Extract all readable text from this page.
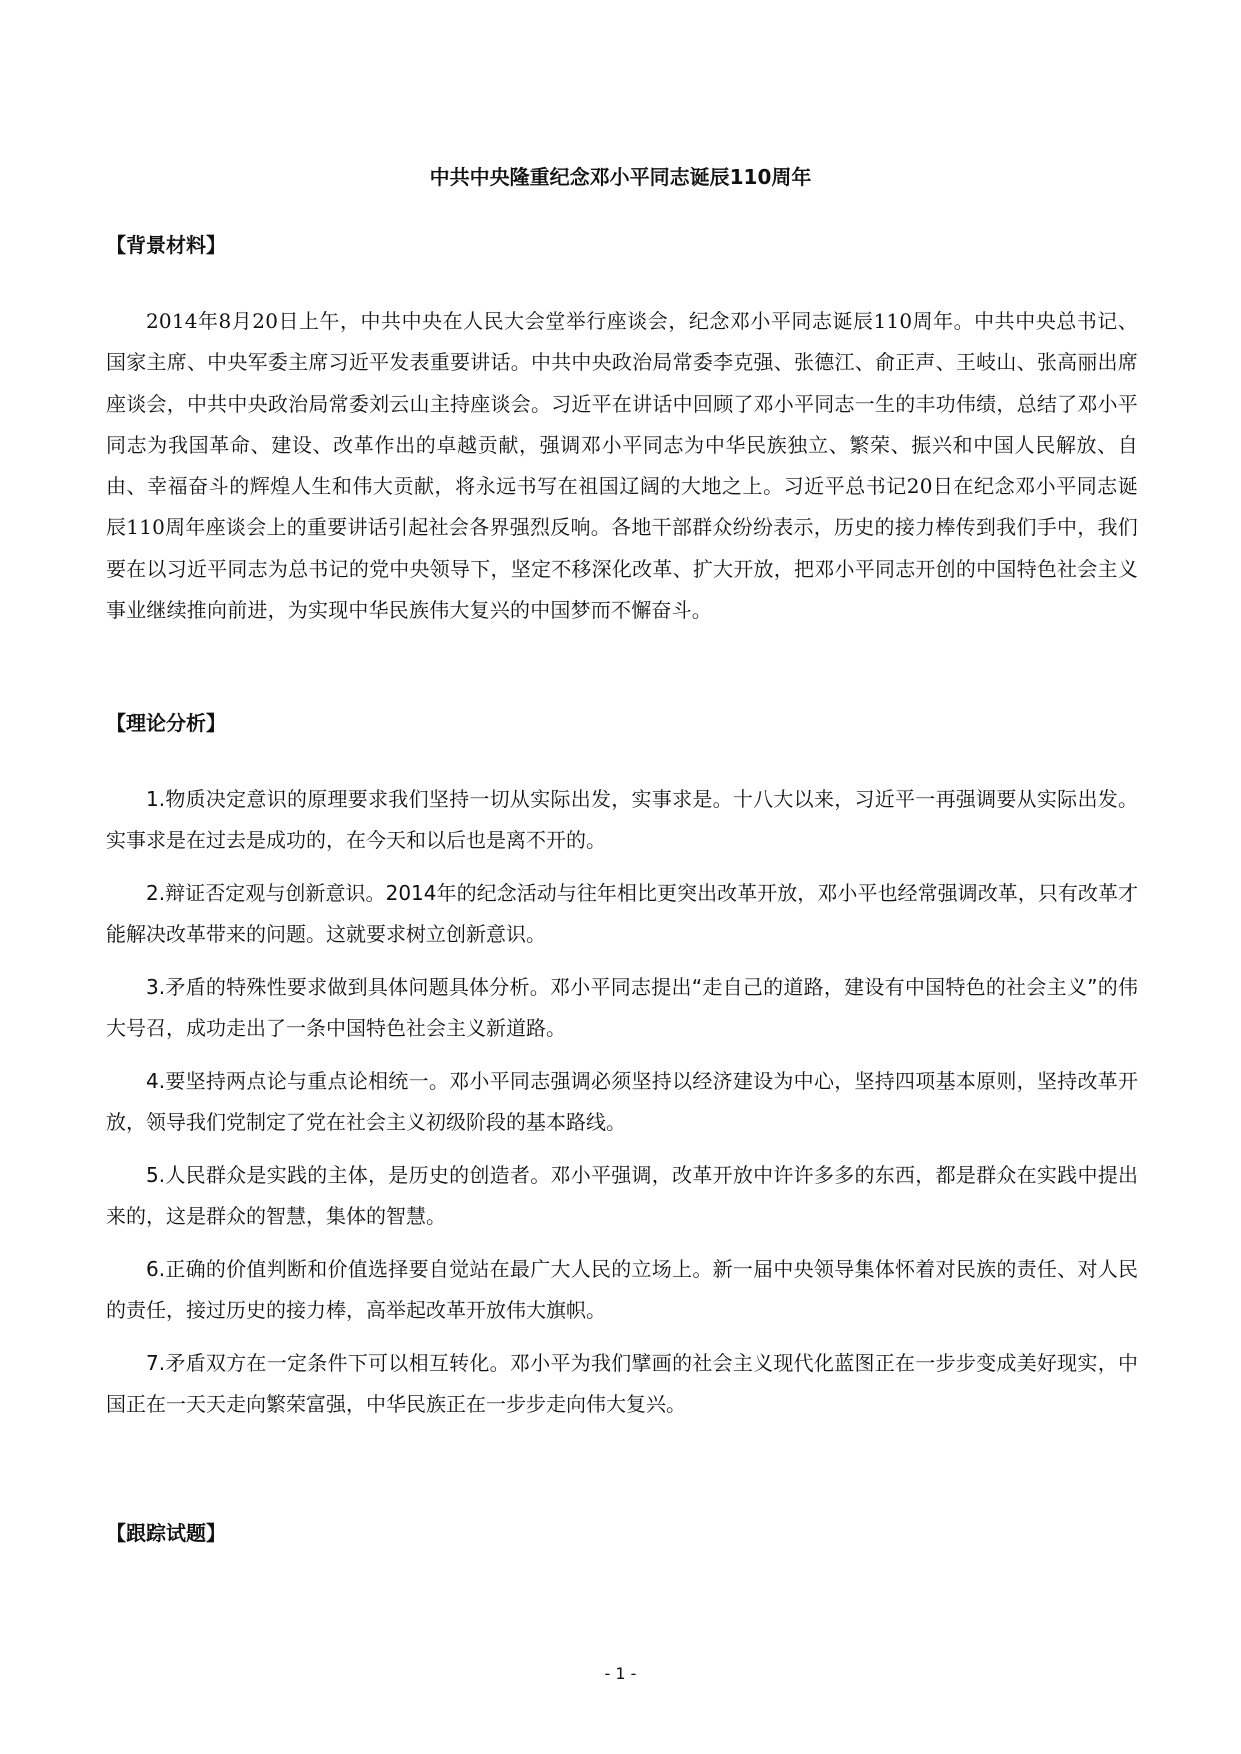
中共中央隆重纪念邓小平同志诞辰110周年
【背景材料】

2014年8月20日上午，中共中央在人民大会堂举行座谈会，纪念邓小平同志诞辰110周年。中共中央总书记、国家主席、中央军委主席习近平发表重要讲话。中共中央政治局常委李克强、张德江、俞正声、王岐山、张高丽出席座谈会，中共中央政治局常委刘云山主持座谈会。习近平在讲话中回顾了邓小平同志一生的丰功伟绩，总结了邓小平同志为我国革命、建设、改革作出的卓越贡献，强调邓小平同志为中华民族独立、繁荣、振兴和中国人民解放、自由、幸福奋斗的辉煌人生和伟大贡献，将永远书写在祖国辽阔的大地之上。习近平总书记20日在纪念邓小平同志诞辰110周年座谈会上的重要讲话引起社会各界强烈反响。各地干部群众纷纷表示，历史的接力棒传到我们手中，我们要在以习近平同志为总书记的党中央领导下，坚定不移深化改革、扩大开放，把邓小平同志开创的中国特色社会主义事业继续推向前进，为实现中华民族伟大复兴的中国梦而不懈奋斗。

【理论分析】
1.物质决定意识的原理要求我们坚持一切从实际出发，实事求是。十八大以来，习近平一再强调要从实际出发。实事求是在过去是成功的，在今天和以后也是离不开的。
2.辩证否定观与创新意识。2014年的纪念活动与往年相比更突出改革开放，邓小平也经常强调改革，只有改革才能解决改革带来的问题。这就要求树立创新意识。
3.矛盾的特殊性要求做到具体问题具体分析。邓小平同志提出“走自己的道路，建设有中国特色的社会主义”的伟大号召，成功走出了一条中国特色社会主义新道路。
4.要坚持两点论与重点论相统一。邓小平同志强调必须坚持以经济建设为中心，坚持四项基本原则，坚持改革开放，领导我们党制定了党在社会主义初级阶段的基本路线。
5.人民群众是实践的主体，是历史的创造者。邓小平强调，改革开放中许许多多的东西，都是群众在实践中提出来的，这是群众的智慧，集体的智慧。
6.正确的价值判断和价值选择要自觉站在最广大人民的立场上。新一届中央领导集体怀着对民族的责任、对人民的责任，接过历史的接力棒，高举起改革开放伟大旗帜。
7.矛盾双方在一定条件下可以相互转化。邓小平为我们擘画的社会主义现代化蓝图正在一步步变成美好现实，中国正在一天天走向繁荣富强，中华民族正在一步步走向伟大复兴。
【跟踪试题】
- 1 -
